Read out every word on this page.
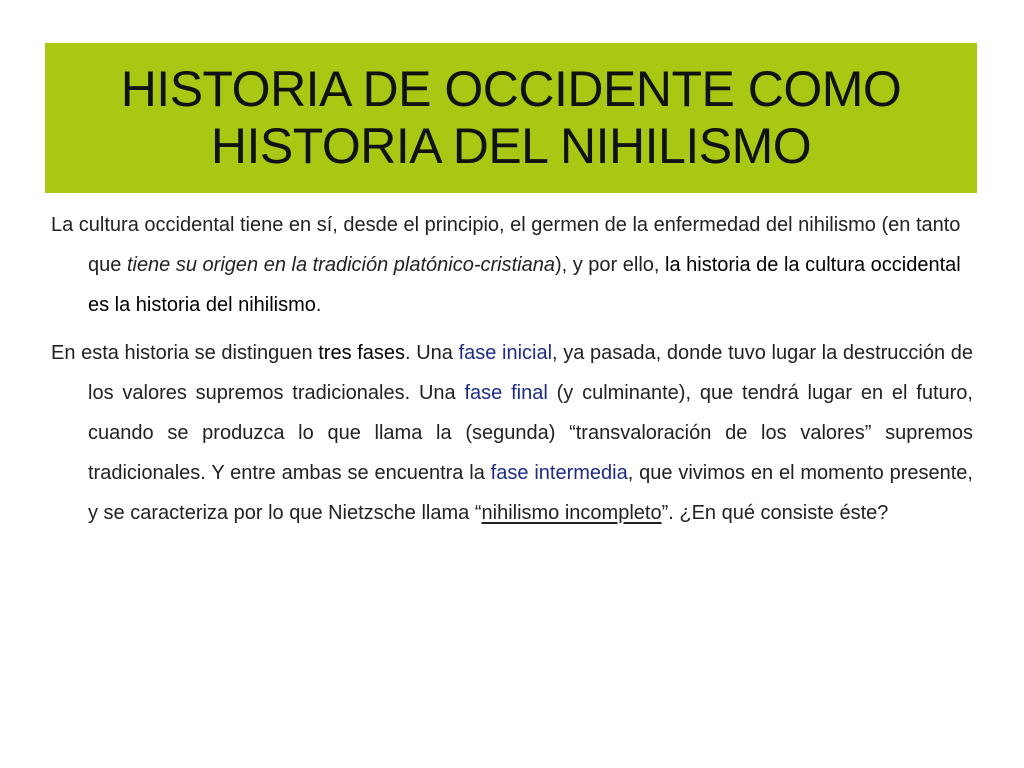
HISTORIA DE OCCIDENTE COMO
HISTORIA DEL NIHILISMO

La cultura occidental tiene en sí, desde el principio, el germen de la enfermedad del nihilismo (en tanto que tiene su origen en la tradición platónico-cristiana), y por ello, la historia de la cultura occidental es la historia del nihilismo.

En esta historia se distinguen tres fases. Una fase inicial, ya pasada, donde tuvo lugar la destrucción de los valores supremos tradicionales. Una fase final (y culminante), que tendrá lugar en el futuro, cuando se produzca lo que llama la (segunda) “transvaloración de los valores” supremos tradicionales. Y entre ambas se encuentra la fase intermedia, que vivimos en el momento presente, y se caracteriza por lo que Nietzsche llama “nihilismo incompleto”. ¿En qué consiste éste?
